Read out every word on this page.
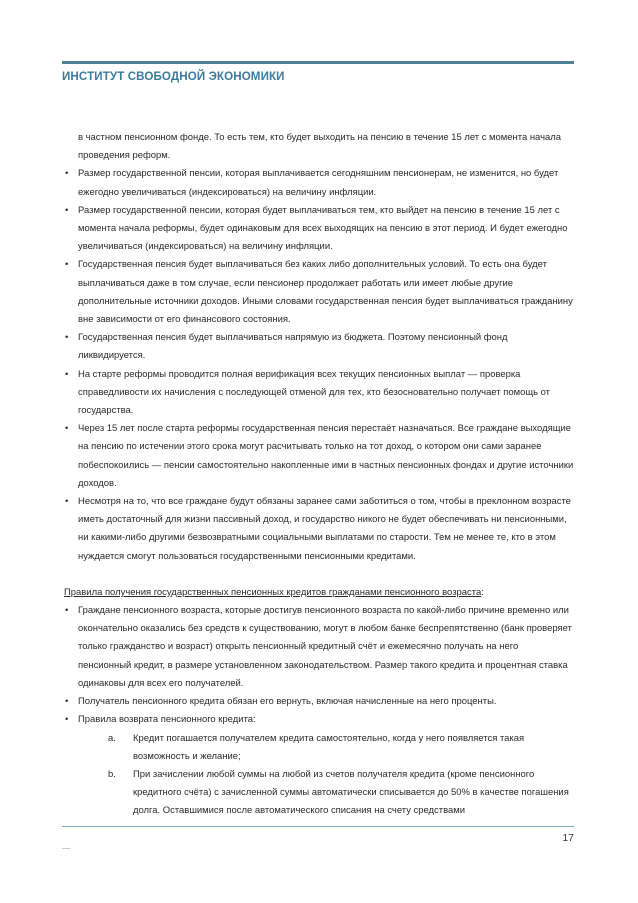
ИНСТИТУТ СВОБОДНОЙ ЭКОНОМИКИ

в частном пенсионном фонде. То есть тем, кто будет выходить на пенсию в течение 15 лет с момента начала проведения реформ.

• Размер государственной пенсии, которая выплачивается сегодняшним пенсионерам, не изменится, но будет ежегодно увеличиваться (индексироваться) на величину инфляции.
• Размер государственной пенсии, которая будет выплачиваться тем, кто выйдет на пенсию в течение 15 лет с момента начала реформы, будет одинаковым для всех выходящих на пенсию в этот период. И будет ежегодно увеличиваться (индексироваться) на величину инфляции.
• Государственная пенсия будет выплачиваться без каких либо дополнительных условий. То есть она будет выплачиваться даже в том случае, если пенсионер продолжает работать или имеет любые другие дополнительные источники доходов. Иными словами государственная пенсия будет выплачиваться гражданину вне зависимости от его финансового состояния.
• Государственная пенсия будет выплачиваться напрямую из бюджета. Поэтому пенсионный фонд ликвидируется.
• На старте реформы проводится полная верификация всех текущих пенсионных выплат — проверка справедливости их начисления с последующей отменой для тех, кто безосновательно получает помощь от государства.
• Через 15 лет после старта реформы государственная пенсия перестаёт назначаться. Все граждане выходящие на пенсию по истечении этого срока могут расчитывать только на тот доход, о котором они сами заранее побеспокоились — пенсии самостоятельно накопленные ими в частных пенсионных фондах и другие источники доходов.
• Несмотря на то, что все граждане будут обязаны заранее сами заботиться о том, чтобы в преклонном возрасте иметь достаточный для жизни пассивный доход, и государство никого не будет обеспечивать ни пенсионными, ни какими-либо другими безвозвратными социальными выплатами по старости. Тем не менее те, кто в этом нуждается смогут пользоваться государственными пенсионными кредитами.

Правила получения государственных пенсионных кредитов гражданами пенсионного возраста:

• Граждане пенсионного возраста, которые достигув пенсионного возраста по какой-либо причине временно или окончательно оказались без средств к существованию, могут в любом банке беспрепятственно (банк проверяет только гражданство и возраст) открыть пенсионный кредитный счёт и ежемесячно получать на него пенсионный кредит, в размере установленном законодательством. Размер такого кредита и процентная ставка одинаковы для всех его получателей.
• Получатель пенсионного кредита обязан его вернуть, включая начисленные на него проценты.
• Правила возврата пенсионного кредита:
a. Кредит погашается получателем кредита самостоятельно, когда у него появляется такая возможность и желание;
b. При зачислении любой суммы на любой из счетов получателя кредита (кроме пенсионного кредитного счёта) с зачисленной суммы автоматически списывается до 50% в качестве погашения долга. Оставшимися после автоматического списания на счету средствами
17
